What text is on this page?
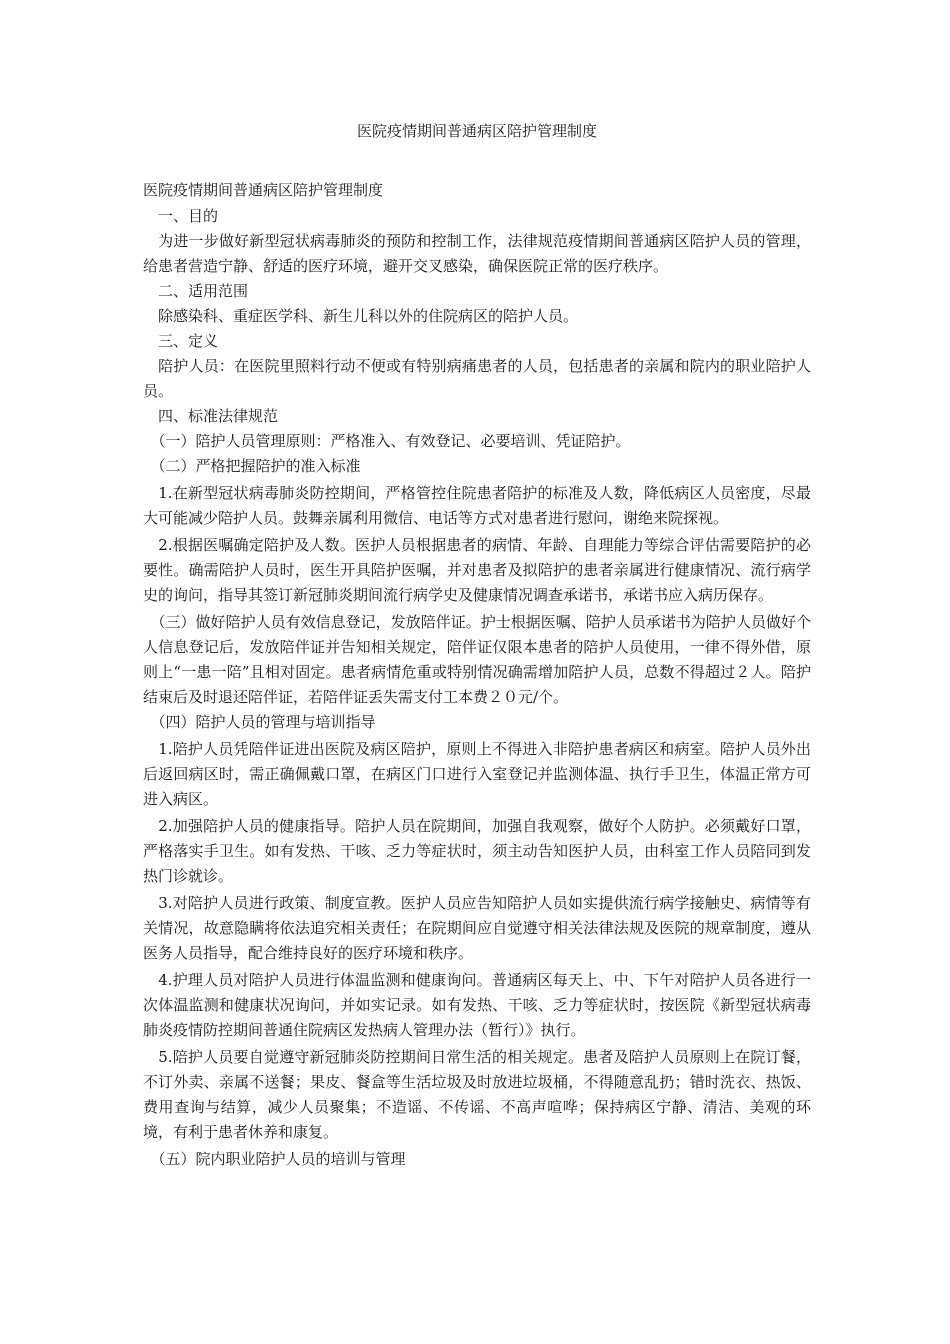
医院疫情期间普通病区陪护管理制度

医院疫情期间普通病区陪护管理制度

　一、目的

　为进一步做好新型冠状病毒肺炎的预防和控制工作，法律规范疫情期间普通病区陪护人员的管理，给患者营造宁静、舒适的医疗环境，避开交叉感染，确保医院正常的医疗秩序。

　二、适用范围

　除感染科、重症医学科、新生儿科以外的住院病区的陪护人员。

　三、定义

　陪护人员：在医院里照料行动不便或有特别病痛患者的人员，包括患者的亲属和院内的职业陪护人员。

　四、标准法律规范

　（一）陪护人员管理原则：严格准入、有效登记、必要培训、凭证陪护。

　（二）严格把握陪护的准入标准

　1.在新型冠状病毒肺炎防控期间，严格管控住院患者陪护的标准及人数，降低病区人员密度，尽最大可能减少陪护人员。鼓舞亲属利用微信、电话等方式对患者进行慰问，谢绝来院探视。

　2.根据医嘱确定陪护及人数。医护人员根据患者的病情、年龄、自理能力等综合评估需要陪护的必要性。确需陪护人员时，医生开具陪护医嘱，并对患者及拟陪护的患者亲属进行健康情况、流行病学史的询问，指导其签订新冠肺炎期间流行病学史及健康情况调查承诺书，承诺书应入病历保存。

　（三）做好陪护人员有效信息登记，发放陪伴证。护士根据医嘱、陪护人员承诺书为陪护人员做好个人信息登记后，发放陪伴证并告知相关规定，陪伴证仅限本患者的陪护人员使用，一律不得外借，原则上“一患一陪”且相对固定。患者病情危重或特别情况确需增加陪护人员，总数不得超过２人。陪护结束后及时退还陪伴证，若陪伴证丢失需支付工本费２０元/个。

　（四）陪护人员的管理与培训指导

　1.陪护人员凭陪伴证进出医院及病区陪护，原则上不得进入非陪护患者病区和病室。陪护人员外出后返回病区时，需正确佩戴口罩，在病区门口进行入室登记并监测体温、执行手卫生，体温正常方可进入病区。

　2.加强陪护人员的健康指导。陪护人员在院期间，加强自我观察，做好个人防护。必须戴好口罩，严格落实手卫生。如有发热、干咳、乏力等症状时，须主动告知医护人员，由科室工作人员陪同到发热门诊就诊。

　3.对陪护人员进行政策、制度宣教。医护人员应告知陪护人员如实提供流行病学接触史、病情等有关情况，故意隐瞒将依法追究相关责任；在院期间应自觉遵守相关法律法规及医院的规章制度，遵从医务人员指导，配合维持良好的医疗环境和秩序。

　4.护理人员对陪护人员进行体温监测和健康询问。普通病区每天上、中、下午对陪护人员各进行一次体温监测和健康状况询问，并如实记录。如有发热、干咳、乏力等症状时，按医院《新型冠状病毒肺炎疫情防控期间普通住院病区发热病人管理办法（暂行）》执行。

　5.陪护人员要自觉遵守新冠肺炎防控期间日常生活的相关规定。患者及陪护人员原则上在院订餐，不订外卖、亲属不送餐；果皮、餐盒等生活垃圾及时放进垃圾桶，不得随意乱扔；错时洗衣、热饭、费用查询与结算，减少人员聚集；不造谣、不传谣、不高声喧哗；保持病区宁静、清洁、美观的环境，有利于患者休养和康复。

　（五）院内职业陪护人员的培训与管理
